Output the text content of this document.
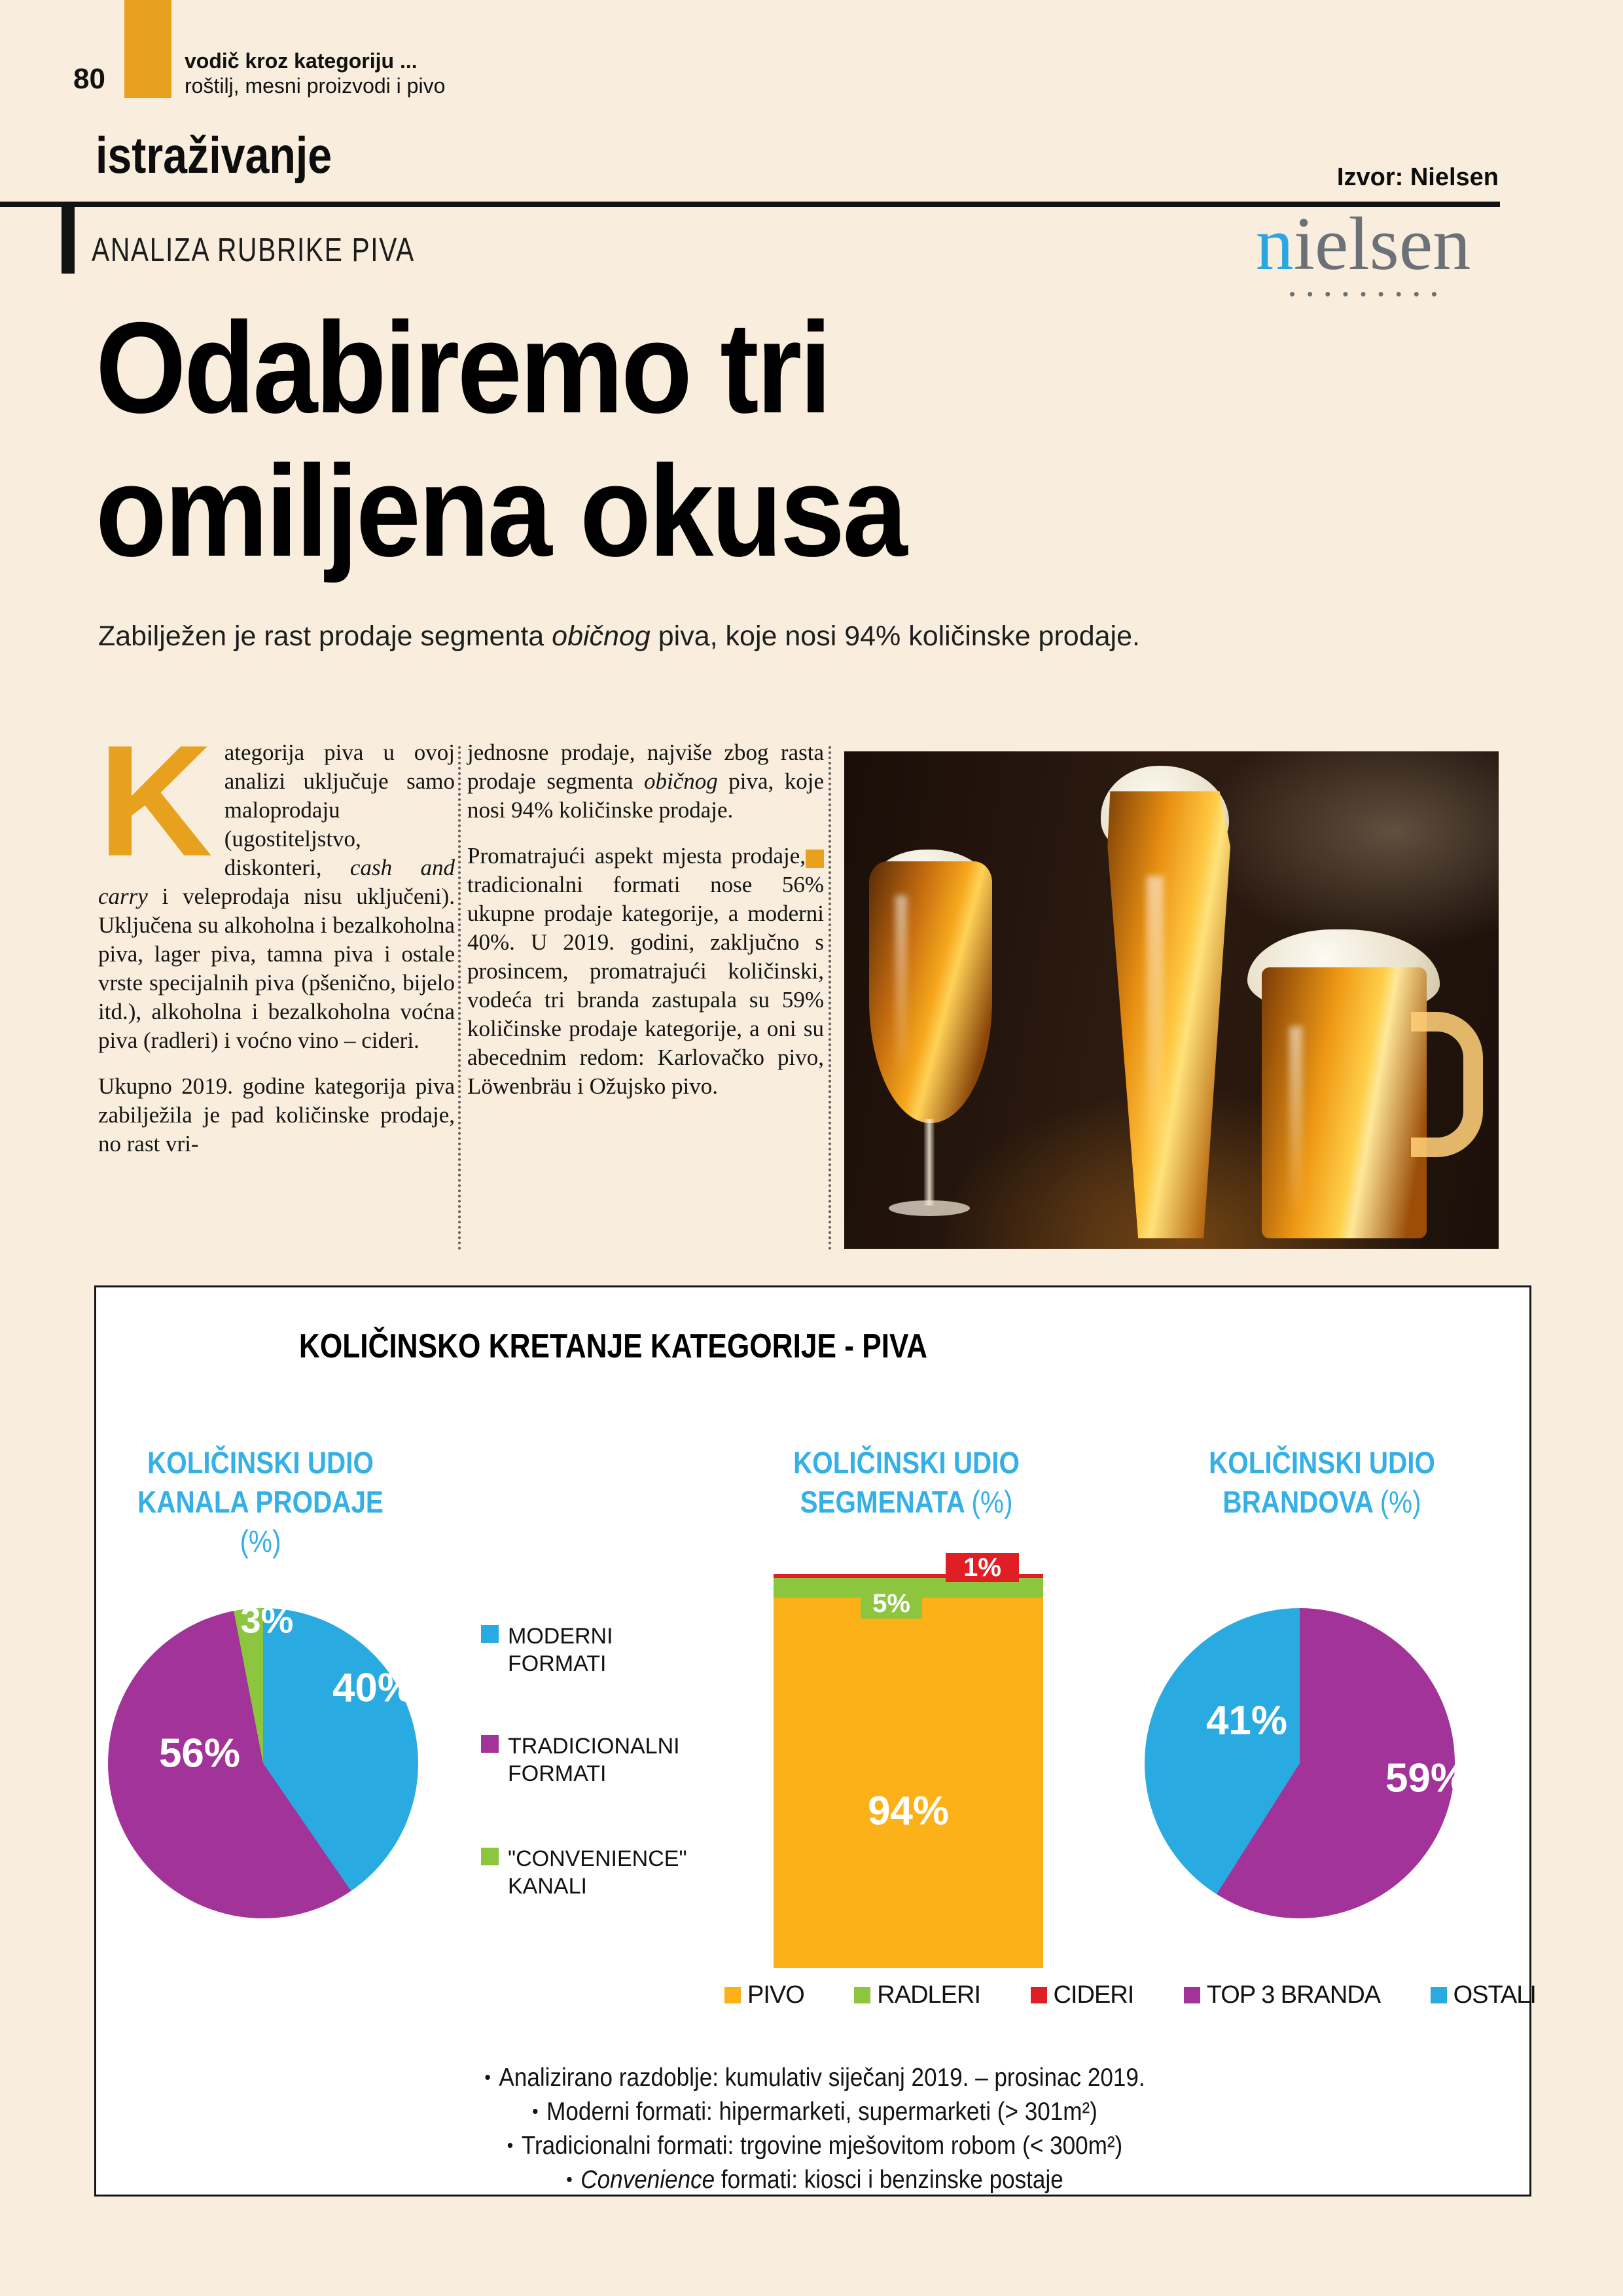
80
vodič kroz kategoriju ...
roštilj, mesni proizvodi i pivo
istraživanje	Izvor: Nielsen
ANALIZA RUBRIKE PIVA	nielsen
•••••••••
Odabiremo tri
omiljena okusa
Zabilježen je rast prodaje segmenta običnog piva, koje nosi 94% količinske prodaje.

Kategorija piva u ovoj analizi uključuje samo maloprodaju (ugostiteljstvo, diskonteri, cash and carry i veleprodaja nisu uključeni). Uključena su alkoholna i bezalkoholna piva, lager piva, tamna piva i ostale vrste specijalnih piva (pšenično, bijelo itd.), alkoholna i bezalkoholna voćna piva (radleri) i voćno vino – cideri.

Ukupno 2019. godine kategorija piva zabilježila je pad količinske prodaje, no rast vri-

jednosne prodaje, najviše zbog rasta prodaje segmenta običnog piva, koje nosi 94% količinske prodaje.

Promatrajući aspekt mjesta prodaje, tradicionalni formati nose 56% ukupne prodaje kategorije, a moderni 40%. U 2019. godini, zaključno s prosincem, promatrajući količinski, vodeća tri branda zastupala su 59% količinske prodaje kategorije, a oni su abecednim redom: Karlovačko pivo, Löwenbräu i Ožujsko pivo.

KOLIČINSKO KRETANJE KATEGORIJE - PIVA
KOLIČINSKI UDIO
KANALA PRODAJE (%)
KOLIČINSKI UDIO
SEGMENATA (%)
KOLIČINSKI UDIO
BRANDOVA (%)
40%
56%
3%	MODERNI FORMATI
TRADICIONALNI FORMATI
"CONVENIENCE" KANALI
1%
5%
94%
41%
59%
PIVO	RADLERI	CIDERI	TOP 3 BRANDA	OSTALI
• Analizirano razdoblje: kumulativ siječanj 2019. – prosinac 2019.
• Moderni formati: hipermarketi, supermarketi (> 301m²)
• Tradicionalni formati: trgovine mješovitom robom (< 300m²)
• Convenience formati: kiosci i benzinske postaje
